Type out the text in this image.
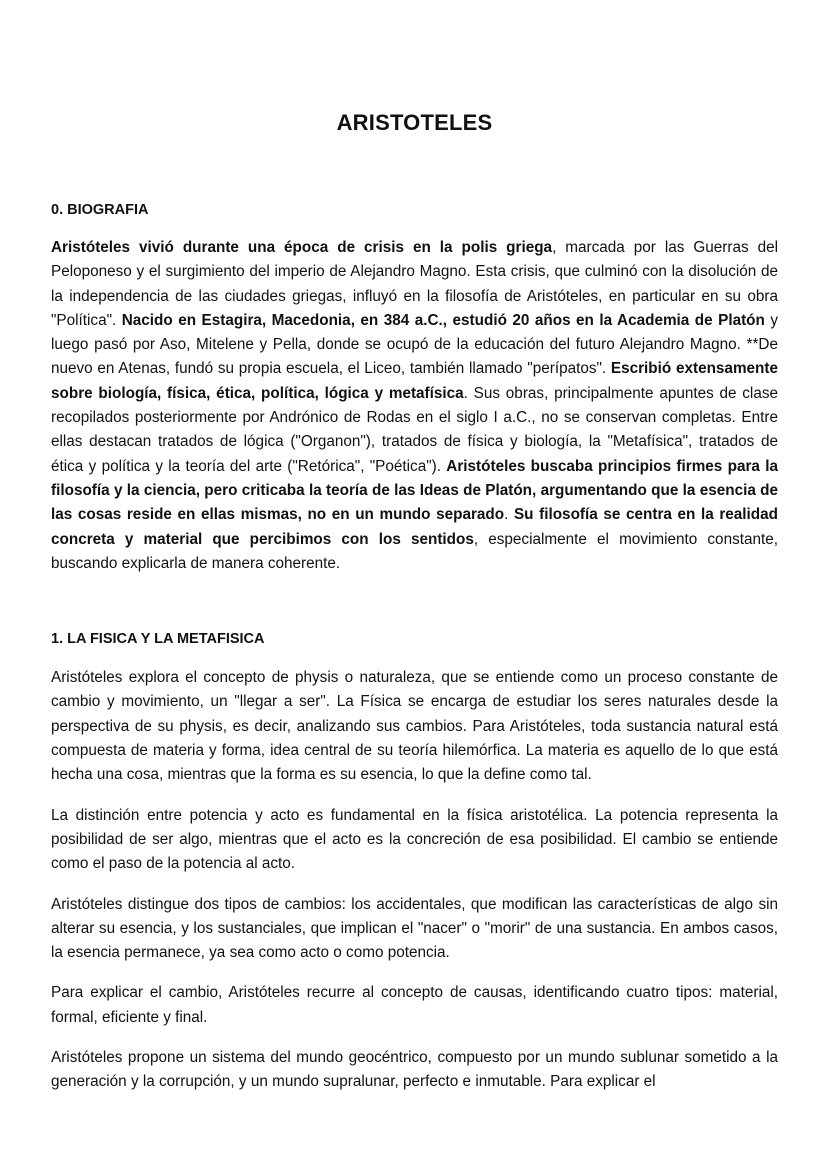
ARISTOTELES
0. BIOGRAFIA

Aristóteles vivió durante una época de crisis en la polis griega, marcada por las Guerras del Peloponeso y el surgimiento del imperio de Alejandro Magno. Esta crisis, que culminó con la disolución de la independencia de las ciudades griegas, influyó en la filosofía de Aristóteles, en particular en su obra "Política". Nacido en Estagira, Macedonia, en 384 a.C., estudió 20 años en la Academia de Platón y luego pasó por Aso, Mitelene y Pella, donde se ocupó de la educación del futuro Alejandro Magno. **De nuevo en Atenas, fundó su propia escuela, el Liceo, también llamado "perípatos". Escribió extensamente sobre biología, física, ética, política, lógica y metafísica. Sus obras, principalmente apuntes de clase recopilados posteriormente por Andrónico de Rodas en el siglo I a.C., no se conservan completas. Entre ellas destacan tratados de lógica ("Organon"), tratados de física y biología, la "Metafísica", tratados de ética y política y la teoría del arte ("Retórica", "Poética"). Aristóteles buscaba principios firmes para la filosofía y la ciencia, pero criticaba la teoría de las Ideas de Platón, argumentando que la esencia de las cosas reside en ellas mismas, no en un mundo separado. Su filosofía se centra en la realidad concreta y material que percibimos con los sentidos, especialmente el movimiento constante, buscando explicarla de manera coherente.

1. LA FISICA Y LA METAFISICA

Aristóteles explora el concepto de physis o naturaleza, que se entiende como un proceso constante de cambio y movimiento, un "llegar a ser". La Física se encarga de estudiar los seres naturales desde la perspectiva de su physis, es decir, analizando sus cambios. Para Aristóteles, toda sustancia natural está compuesta de materia y forma, idea central de su teoría hilemórfica. La materia es aquello de lo que está hecha una cosa, mientras que la forma es su esencia, lo que la define como tal.

La distinción entre potencia y acto es fundamental en la física aristotélica. La potencia representa la posibilidad de ser algo, mientras que el acto es la concreción de esa posibilidad. El cambio se entiende como el paso de la potencia al acto.

Aristóteles distingue dos tipos de cambios: los accidentales, que modifican las características de algo sin alterar su esencia, y los sustanciales, que implican el "nacer" o "morir" de una sustancia. En ambos casos, la esencia permanece, ya sea como acto o como potencia.

Para explicar el cambio, Aristóteles recurre al concepto de causas, identificando cuatro tipos: material, formal, eficiente y final.

Aristóteles propone un sistema del mundo geocéntrico, compuesto por un mundo sublunar sometido a la generación y la corrupción, y un mundo supralunar, perfecto e inmutable. Para explicar el
